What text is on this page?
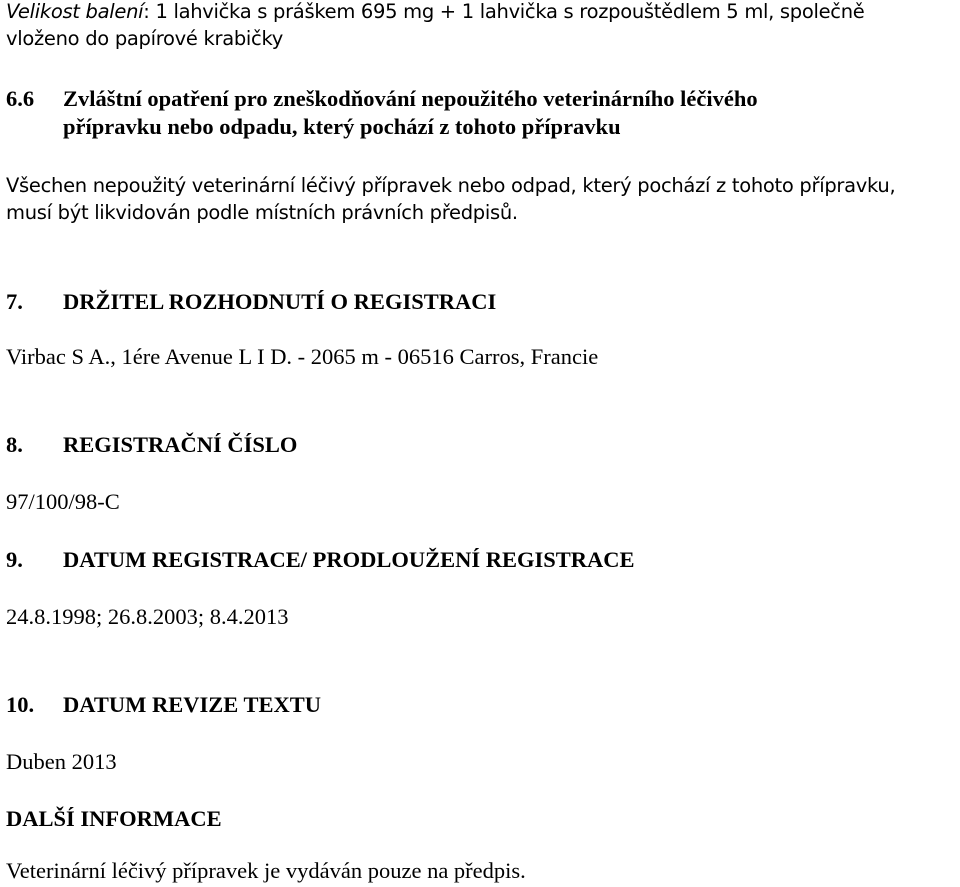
Velikost balení: 1 lahvička s práškem 695 mg + 1 lahvička s rozpouštědlem 5 ml, společně
vloženo do papírové krabičky
6.6 Zvláštní opatření pro zneškodňování nepoužitého veterinárního léčivého
přípravku nebo odpadu, který pochází z tohoto přípravku
Všechen nepoužitý veterinární léčivý přípravek nebo odpad, který pochází z tohoto přípravku,
musí být likvidován podle místních právních předpisů.
7. DRŽITEL ROZHODNUTÍ O REGISTRACI
Virbac S A., 1ére Avenue L I D. - 2065 m - 06516 Carros, Francie
8. REGISTRAČNÍ ČÍSLO
97/100/98-C
9. DATUM REGISTRACE/ PRODLOUŽENÍ REGISTRACE
24.8.1998; 26.8.2003; 8.4.2013
10. DATUM REVIZE TEXTU
Duben 2013
DALŠÍ INFORMACE
Veterinární léčivý přípravek je vydáván pouze na předpis.
